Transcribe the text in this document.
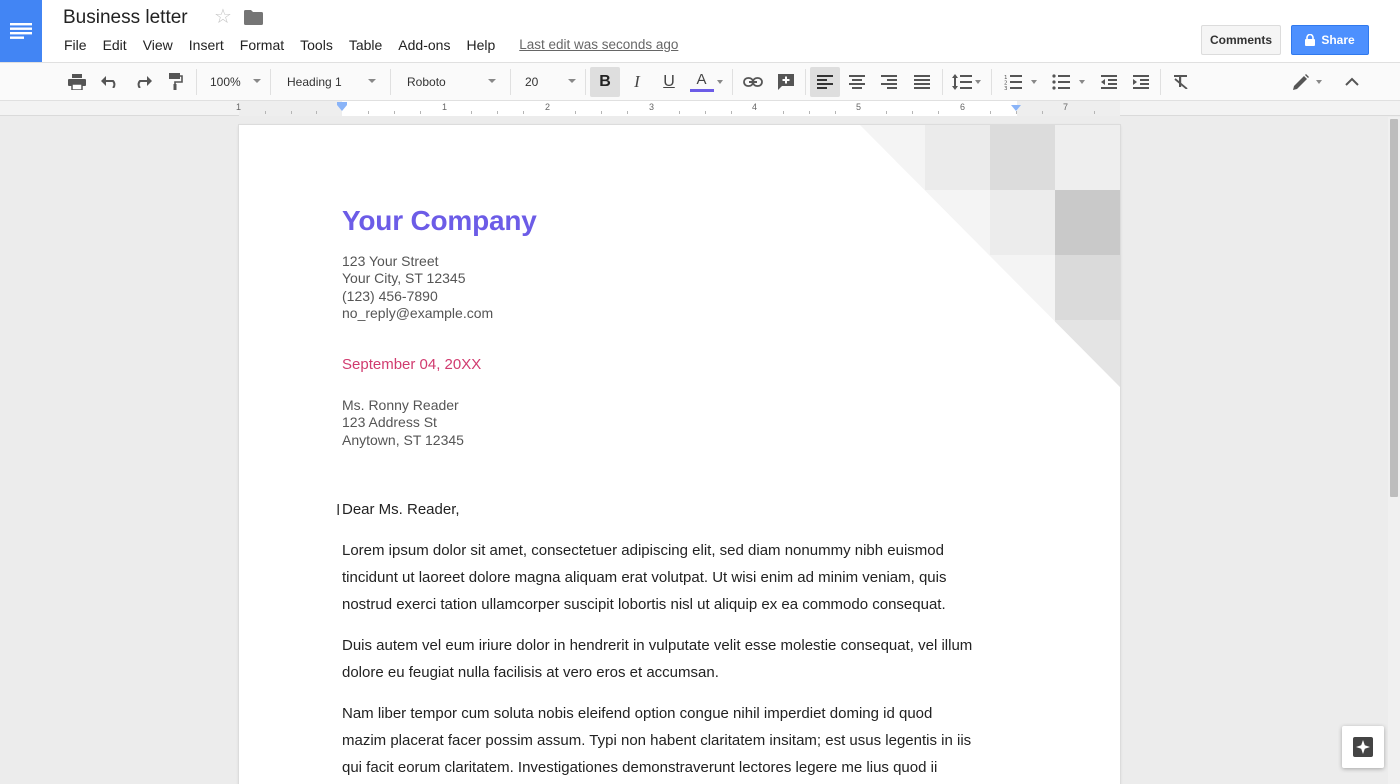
Business letter ☆
File	Edit	View	Insert	Format	Tools	Table	Add-ons	Help	Last edit was seconds ago	Comments	Share
100%	Heading 1	Roboto	20	B I U A	1
2
3
1	1	2	3	4	5	6	7
Your Company
123 Your Street
Your City, ST 12345
(123) 456-7890
no_reply@example.com
September 04, 20XX
Ms. Ronny Reader
123 Address St
Anytown, ST 12345
I Dear Ms. Reader,
Lorem ipsum dolor sit amet, consectetuer adipiscing elit, sed diam nonummy nibh euismod
tincidunt ut laoreet dolore magna aliquam erat volutpat. Ut wisi enim ad minim veniam, quis
nostrud exerci tation ullamcorper suscipit lobortis nisl ut aliquip ex ea commodo consequat.
Duis autem vel eum iriure dolor in hendrerit in vulputate velit esse molestie consequat, vel illum
dolore eu feugiat nulla facilisis at vero eros et accumsan.
Nam liber tempor cum soluta nobis eleifend option congue nihil imperdiet doming id quod
mazim placerat facer possim assum. Typi non habent claritatem insitam; est usus legentis in iis
qui facit eorum claritatem. Investigationes demonstraverunt lectores legere me lius quod ii
